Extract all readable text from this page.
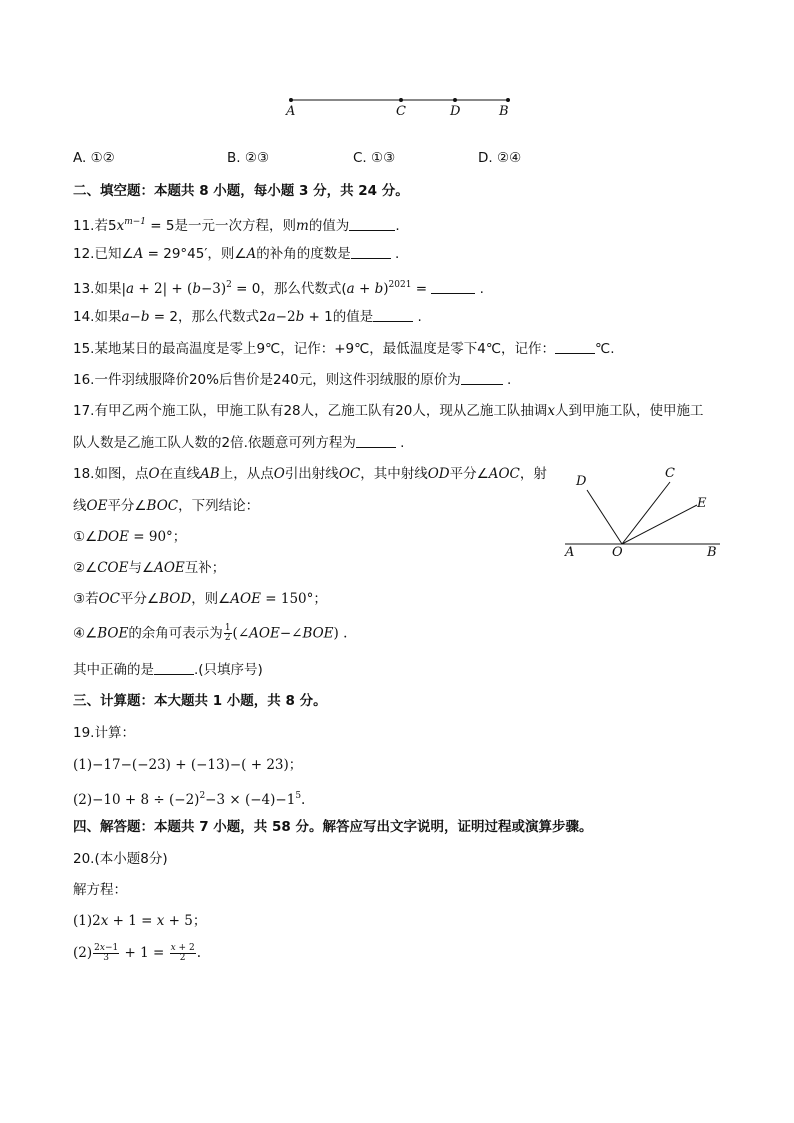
A	C	D	B
A. ①②	B. ②③	C. ①③	D. ②④
二、填空题：本题共 8 小题，每小题 3 分，共 24 分。
11.若$5x^{m-1} = 5$是一元一次方程，则m的值为	.
12.已知∠A = 29°45′，则∠A的补角的度数是	.
13.如果$|a + 2| + (b-3)^2 = 0$，那么代数式$(a + b)^{2021}$ =	.
14.如果a−b = 2，那么代数式2a−2b + 1的值是	.
15.某地某日的最高温度是零上9℃，记作：+9℃，最低温度是零下4℃，记作：	℃.
16.一件羽绒服降价20%后售价是240元，则这件羽绒服的原价为	.
17.有甲乙两个施工队，甲施工队有28人，乙施工队有20人，现从乙施工队抽调x人到甲施工队，使甲施工
队人数是乙施工队人数的2倍.依题意可列方程为	.
18.如图，点O在直线AB上，从点O引出射线OC，其中射线OD平分∠AOC，射
线OE平分∠BOC，下列结论：
①∠DOE = 90°；
②∠COE与∠AOE互补；
③若OC平分∠BOD，则∠AOE = 150°；
④∠BOE的余角可表示为 $\frac{1}{2}$ (∠AOE−∠BOE) .
其中正确的是	.(只填序号)
D
C
E
A	O	B
三、计算题：本大题共 1 小题，共 8 分。
19.计算：
(1)−17−(−23) + (−13)−( + 23)；
$(2)-10 + 8 \div (-2)^2-3 \times (-4)-1^5$.
四、解答题：本题共 7 小题，共 58 分。解答应写出文字说明，证明过程或演算步骤。
20.(本小题8分)
解方程：
(1)2x + 1 = x + 5；
$(2) \frac{2x-1}{3} + 1 = \frac{x + 2}{2}$ .
